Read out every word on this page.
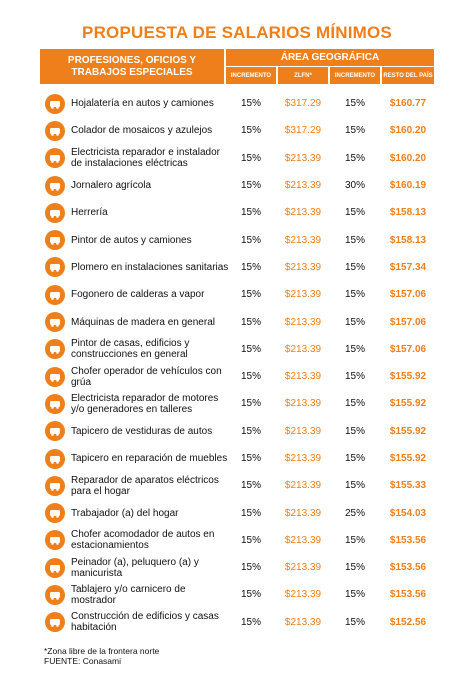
PROPUESTA DE SALARIOS MÍNIMOS
PROFESIONES, OFICIOS Y TRABAJOS ESPECIALES
ÁREA GEOGRÁFICA
INCREMENTO	ZLFN*	INCREMENTO	RESTO DEL PAÍS
Hojalatería en autos y camiones	15%	$317.29	15%	$160.77
Colador de mosaicos y azulejos	15%	$317.29	15%	$160.20
Electricista reparador e instalador de instalaciones eléctricas	15%	$213.39	15%	$160.20
Jornalero agrícola	15%	$213.39	30%	$160.19
Herrería	15%	$213.39	15%	$158.13
Pintor de autos y camiones	15%	$213.39	15%	$158.13
Plomero en instalaciones sanitarias	15%	$213.39	15%	$157.34
Fogonero de calderas a vapor	15%	$213.39	15%	$157.06
Máquinas de madera en general	15%	$213.39	15%	$157.06
Pintor de casas, edificios y construcciones en general	15%	$213.39	15%	$157.06
Chofer operador de vehículos con grúa	15%	$213.39	15%	$155.92
Electricista reparador de motores y/o generadores en talleres	15%	$213.39	15%	$155.92
Tapicero de vestiduras de autos	15%	$213.39	15%	$155.92
Tapicero en reparación de muebles	15%	$213.39	15%	$155.92
Reparador de aparatos eléctricos para el hogar	15%	$213.39	15%	$155.33
Trabajador (a) del hogar	15%	$213.39	25%	$154.03
Chofer acomodador de autos en estacionamientos	15%	$213.39	15%	$153.56
Peinador (a), peluquero (a) y manicurista	15%	$213.39	15%	$153.56
Tablajero y/o carnicero de mostrador	15%	$213.39	15%	$153.56
Construcción de edificios y casas habitación	15%	$213.39	15%	$152.56
*Zona libre de la frontera norte
FUENTE: Conasami
